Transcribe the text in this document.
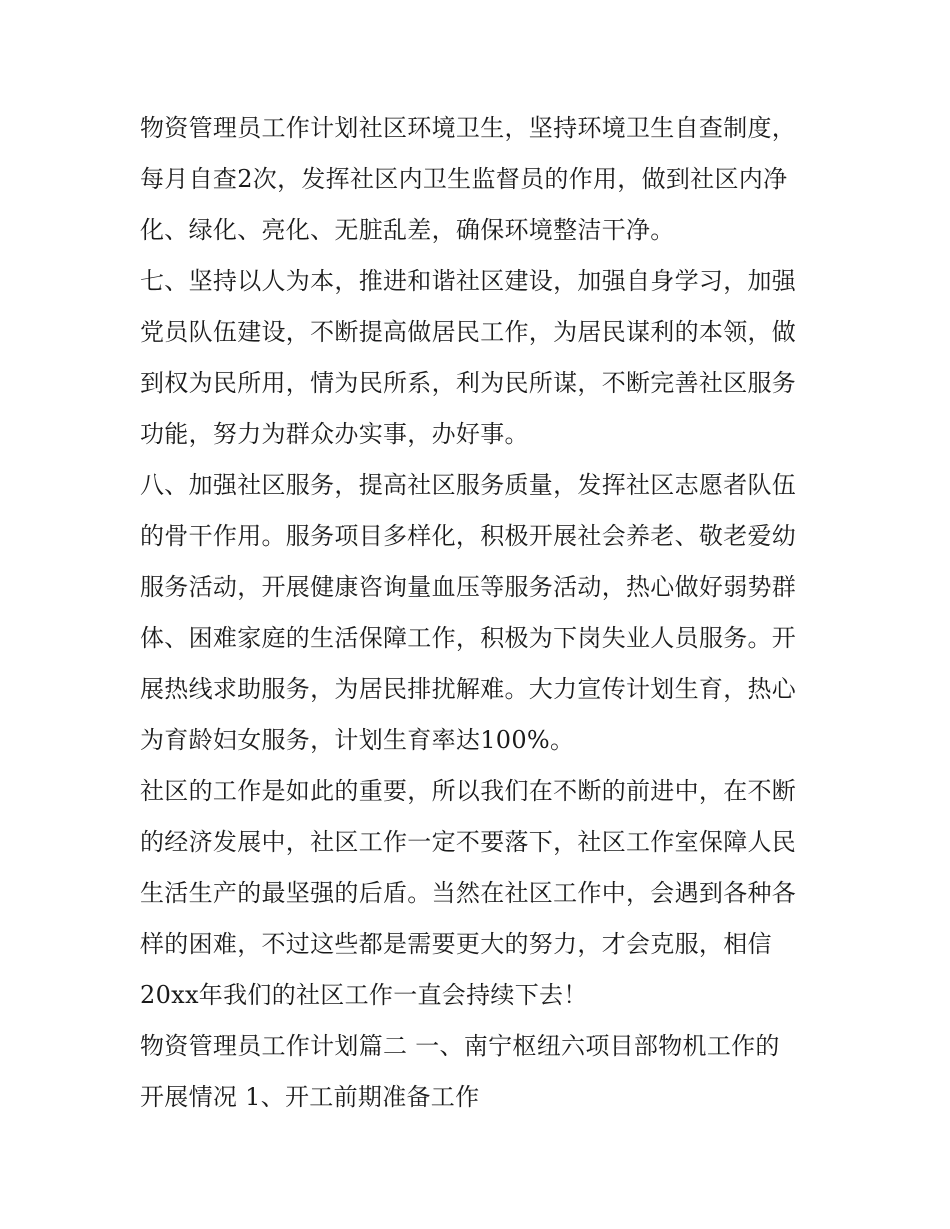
物资管理员工作计划社区环境卫生，坚持环境卫生自查制度，
每月自查2次，发挥社区内卫生监督员的作用，做到社区内净
化、绿化、亮化、无脏乱差，确保环境整洁干净。
七、坚持以人为本，推进和谐社区建设，加强自身学习，加强
党员队伍建设，不断提高做居民工作，为居民谋利的本领，做
到权为民所用，情为民所系，利为民所谋，不断完善社区服务
功能，努力为群众办实事，办好事。
八、加强社区服务，提高社区服务质量，发挥社区志愿者队伍
的骨干作用。服务项目多样化，积极开展社会养老、敬老爱幼
服务活动，开展健康咨询量血压等服务活动，热心做好弱势群
体、困难家庭的生活保障工作，积极为下岗失业人员服务。开
展热线求助服务，为居民排扰解难。大力宣传计划生育，热心
为育龄妇女服务，计划生育率达100%。
社区的工作是如此的重要，所以我们在不断的前进中，在不断
的经济发展中，社区工作一定不要落下，社区工作室保障人民
生活生产的最坚强的后盾。当然在社区工作中，会遇到各种各
样的困难，不过这些都是需要更大的努力，才会克服，相信
20xx年我们的社区工作一直会持续下去！
物资管理员工作计划篇二 一、南宁枢纽六项目部物机工作的
开展情况 1、开工前期准备工作
